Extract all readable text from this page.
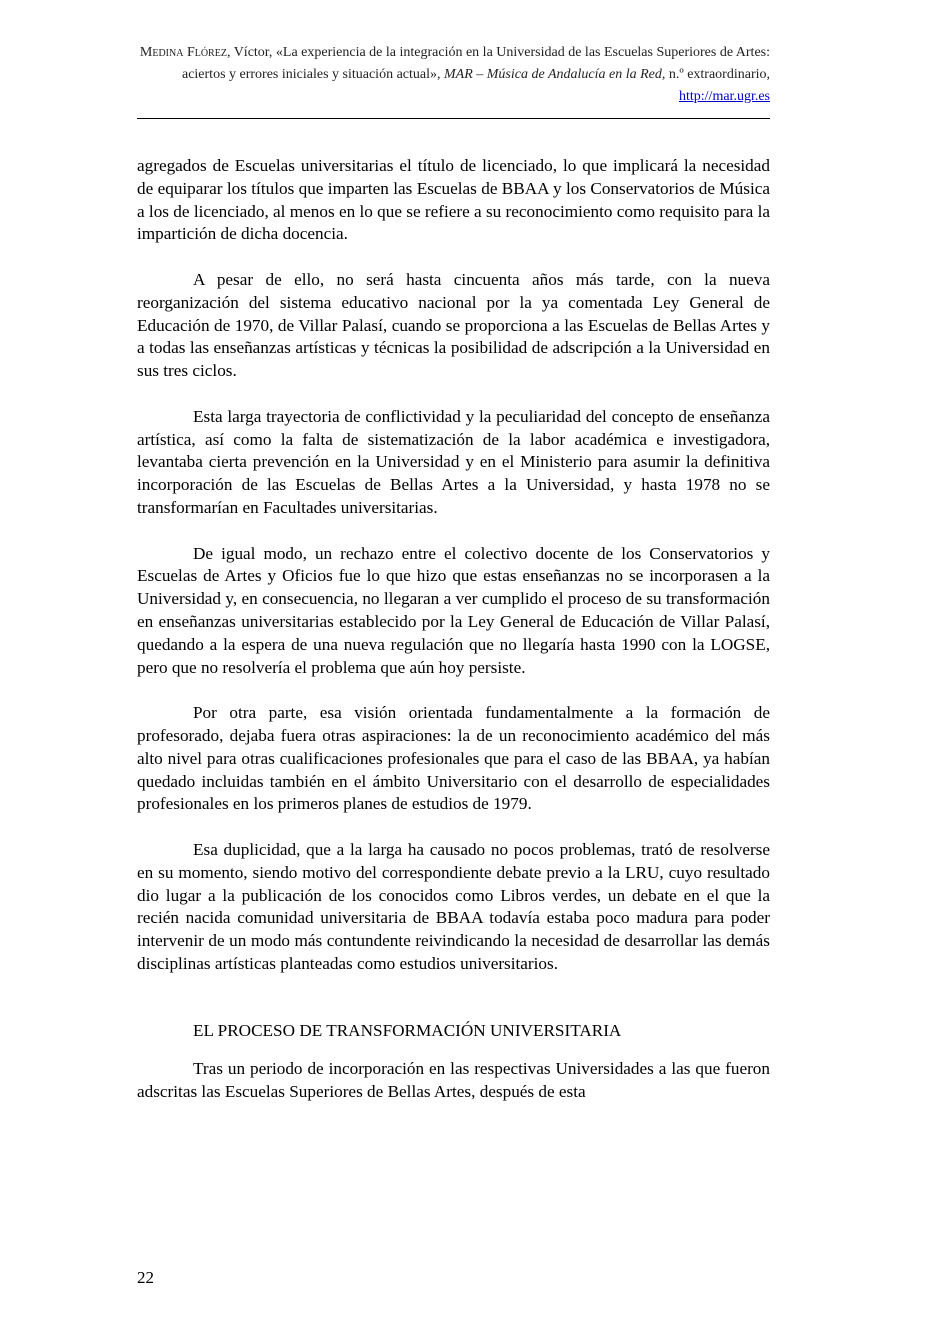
Medina Flórez, Víctor, «La experiencia de la integración en la Universidad de las Escuelas Superiores de Artes: aciertos y errores iniciales y situación actual», MAR – Música de Andalucía en la Red, n.º extraordinario, http://mar.ugr.es

agregados de Escuelas universitarias el título de licenciado, lo que implicará la necesidad de equiparar los títulos que imparten las Escuelas de BBAA y los Conservatorios de Música a los de licenciado, al menos en lo que se refiere a su reconocimiento como requisito para la impartición de dicha docencia.

A pesar de ello, no será hasta cincuenta años más tarde, con la nueva reorganización del sistema educativo nacional por la ya comentada Ley General de Educación de 1970, de Villar Palasí, cuando se proporciona a las Escuelas de Bellas Artes y a todas las enseñanzas artísticas y técnicas la posibilidad de adscripción a la Universidad en sus tres ciclos.

Esta larga trayectoria de conflictividad y la peculiaridad del concepto de enseñanza artística, así como la falta de sistematización de la labor académica e investigadora, levantaba cierta prevención en la Universidad y en el Ministerio para asumir la definitiva incorporación de las Escuelas de Bellas Artes a la Universidad, y hasta 1978 no se transformarían en Facultades universitarias.

De igual modo, un rechazo entre el colectivo docente de los Conservatorios y Escuelas de Artes y Oficios fue lo que hizo que estas enseñanzas no se incorporasen a la Universidad y, en consecuencia, no llegaran a ver cumplido el proceso de su transformación en enseñanzas universitarias establecido por la Ley General de Educación de Villar Palasí, quedando a la espera de una nueva regulación que no llegaría hasta 1990 con la LOGSE, pero que no resolvería el problema que aún hoy persiste.

Por otra parte, esa visión orientada fundamentalmente a la formación de profesorado, dejaba fuera otras aspiraciones: la de un reconocimiento académico del más alto nivel para otras cualificaciones profesionales que para el caso de las BBAA, ya habían quedado incluidas también en el ámbito Universitario con el desarrollo de especialidades profesionales en los primeros planes de estudios de 1979.

Esa duplicidad, que a la larga ha causado no pocos problemas, trató de resolverse en su momento, siendo motivo del correspondiente debate previo a la LRU, cuyo resultado dio lugar a la publicación de los conocidos como Libros verdes, un debate en el que la recién nacida comunidad universitaria de BBAA todavía estaba poco madura para poder intervenir de un modo más contundente reivindicando la necesidad de desarrollar las demás disciplinas artísticas planteadas como estudios universitarios.

EL PROCESO DE TRANSFORMACIÓN UNIVERSITARIA

Tras un periodo de incorporación en las respectivas Universidades a las que fueron adscritas las Escuelas Superiores de Bellas Artes, después de esta

22
